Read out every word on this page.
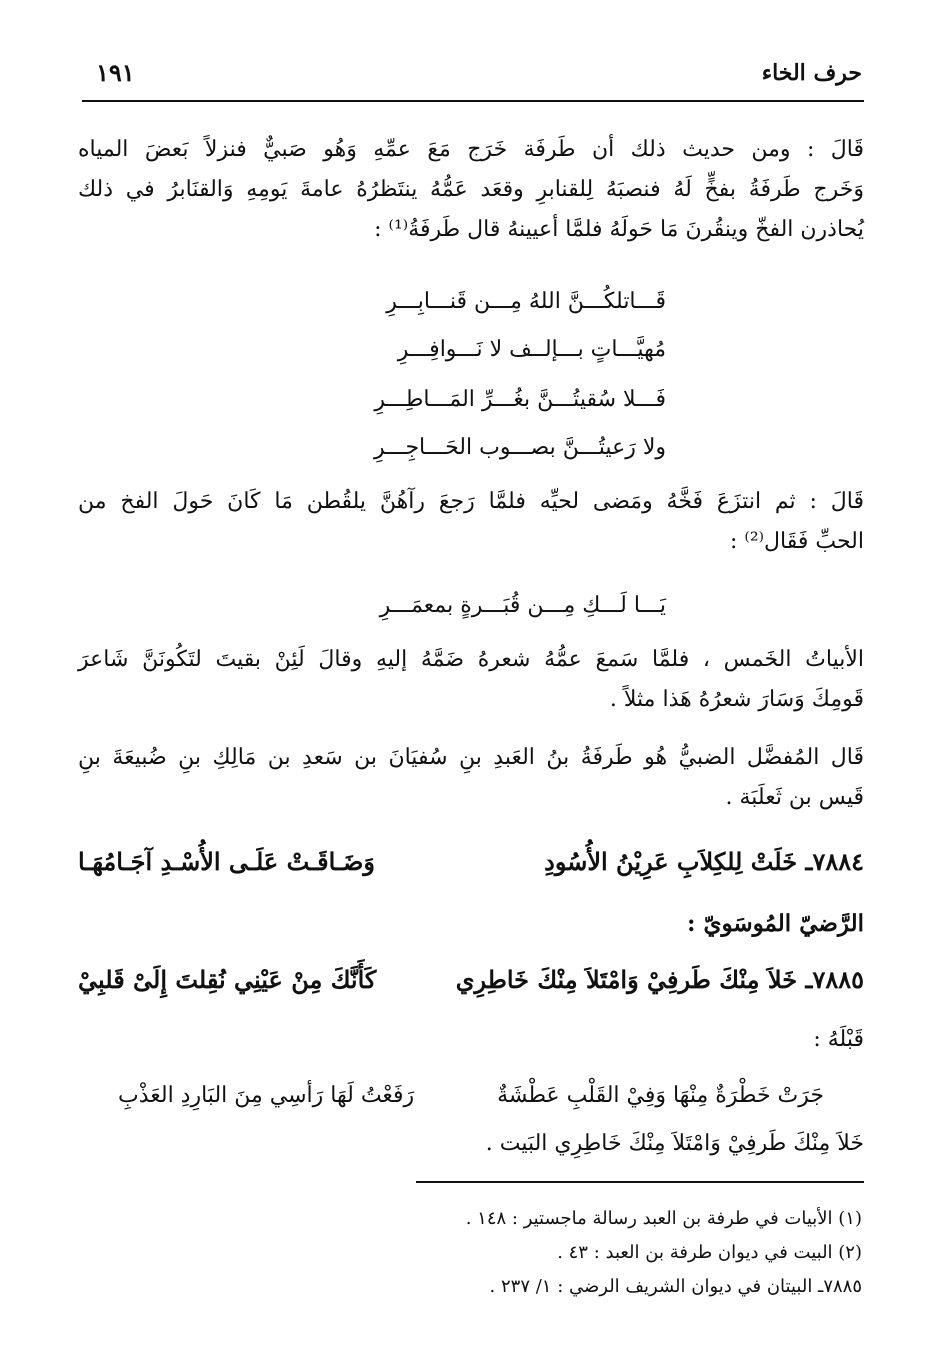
حرف الخاء
١٩١
قَالَ : ومن حديث ذلك أن طَرفَة خَرَج مَعَ عمِّهِ وَهُو صَبيٌّ فنزلاً بَعضَ المياه
وَخَرج طَرفَةُ بفخٍّ لَهُ فنصبَهُ لِلقنابرِ وقعَد عَمُّهُ ينتَظرُهُ عامةَ يَومِهِ وَالقنَابرُ في ذلك
يُحاذرن الفخّ وينقُرنَ مَا حَولَهُ فلمَّا أعيينهُ قال طَرفَةُ⁽¹⁾ :
قَـــاتلكُـــنَّ اللهُ مِـــن قَنـــابِـــرِ
مُهيَّـــاتٍ بـــإلــف لا نَـــوافِـــرِ
فَـــلا سُقيتُـــنَّ بغُـــرِّ المَـــاطِـــرِ
ولا رَعيتُـــنَّ بصـــوب الحَـــاجِـــرِ
قَالَ : ثم انتزَعَ فَخَّهُ ومَضى لحيِّه فلمَّا رَجعَ رآهُنَّ يلقُطن مَا كَانَ حَولَ الفخ من
الحبِّ فَقَال⁽²⁾ :
يَـــا لَـــكِ مِـــن قُبَـــرةٍ بمعمَـــرِ
الأبياتُ الخَمس ، فلمَّا سَمعَ عمُّهُ شعرهُ ضَمَّهُ إليهِ وقالَ لَئِنْ بقيتَ لتَكُونَنَّ شَاعرَ
قَومِكَ وَسَارَ شعرُهُ هَذا مثلاً .
قَال المُفضَّل الضبيُّ هُو طَرفَةُ بنُ العَبدِ بنِ سُفيَانَ بن سَعدِ بن مَالِكِ بنِ ضُبيعَةَ بنِ
قَيس بن ثَعلَبَة .
٧٨٨٤ـ خَلَتْ لِلكِلاَبِ عَرِيْنُ الأُسُودِ
وَضَـاقَـتْ عَلَـى الأُسْـدِ آجَـامُهَـا
الرَّضيّ المُوسَويّ :
٧٨٨٥ـ خَلاَ مِنْكَ طَرفِيْ وَامْتَلاَ مِنْكَ خَاطِرِي
كَأَنَّكَ مِنْ عَيْنِي نُقِلتَ إِلَىْ قَلبِيْ
قَبْلَهُ :
جَرَتْ خَطْرَةٌ مِنْهَا وَفِيْ القَلْبِ عَطْشَةٌ
رَفَعْتُ لَهَا رَأسِي مِنَ البَارِدِ العَذْبِ
خَلاَ مِنْكَ طَرفِيْ وَامْتَلاَ مِنْكَ خَاطِرِي البَيت .
(١) الأبيات في طرفة بن العبد رسالة ماجستير : ١٤٨ .
(٢) البيت في ديوان طرفة بن العبد : ٤٣ .
٧٨٨٥ـ البيتان في ديوان الشريف الرضي : ١/ ٢٣٧ .
